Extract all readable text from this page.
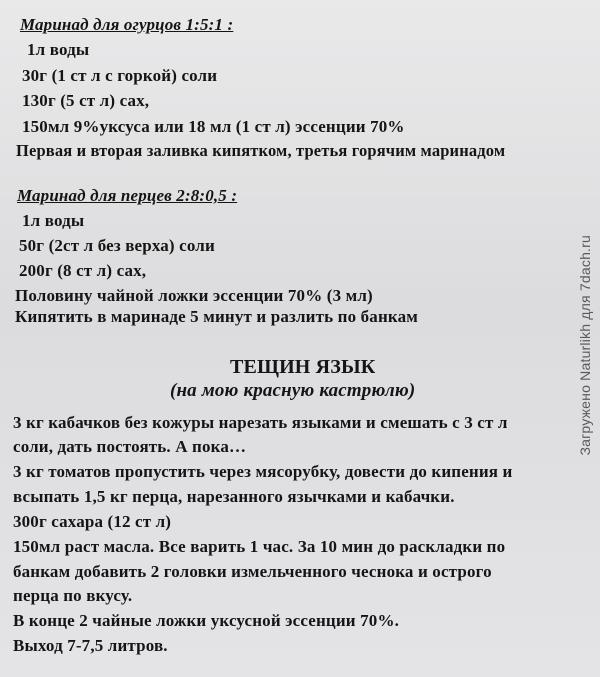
Маринад для огурцов 1:5:1 :
1л воды
30г (1 ст л с горкой) соли
130г (5 ст л) сах,
150мл 9%уксуса или 18 мл (1 ст л) эссенции 70%
Первая и вторая заливка кипятком, третья горячим маринадом
Маринад для перцев 2:8:0,5 :
1л воды
50г (2ст л без верха) соли
200г (8 ст л) сах,
Половину чайной ложки эссенции 70% (3 мл)
Кипятить в маринаде 5 минут и разлить по банкам
ТЕЩИН ЯЗЫК
(на мою красную кастрюлю)
3 кг кабачков без кожуры нарезать языками и смешать с 3 ст л
соли, дать постоять. А пока…
3 кг томатов пропустить через мясорубку, довести до кипения и
всыпать 1,5 кг перца, нарезанного язычками и кабачки.
300г сахара (12 ст л)
150мл раст масла. Все варить 1 час. За 10 мин до раскладки по
банкам добавить 2 головки измельченного чеснока и острого
перца по вкусу.
В конце 2 чайные ложки уксусной эссенции 70%.
Выход 7-7,5 литров.
Загружено Naturlikh для 7dach.ru
